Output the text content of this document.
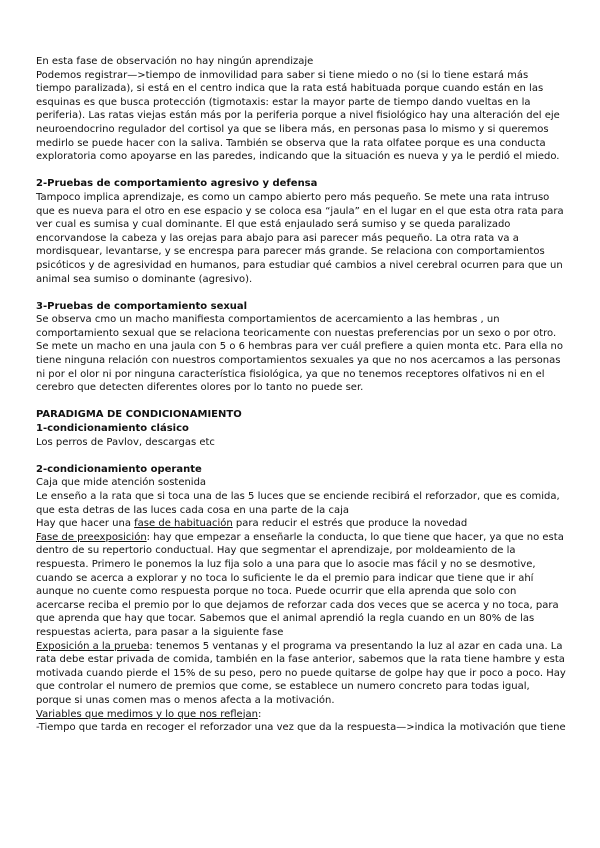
En esta fase de observación no hay ningún aprendizaje

Podemos registrar—>tiempo de inmovilidad para saber si tiene miedo o no (si lo tiene estará más tiempo paralizada), si está en el centro indica que la rata está habituada porque cuando están en las esquinas es que busca protección (tigmotaxis: estar la mayor parte de tiempo dando vueltas en la periferia). Las ratas viejas están más por la periferia porque a nivel fisiológico hay una alteración del eje neuroendocrino regulador del cortisol ya que se libera más, en personas pasa lo mismo y si queremos medirlo se puede hacer con la saliva. También se observa que la rata olfatee porque es una conducta exploratoria como apoyarse en las paredes, indicando que la situación es nueva y ya le perdió el miedo.

2-Pruebas de comportamiento agresivo y defensa

Tampoco implica aprendizaje, es como un campo abierto pero más pequeño. Se mete una rata intruso que es nueva para el otro en ese espacio y se coloca esa “jaula” en el lugar en el que esta otra rata para ver cual es sumisa y cual dominante. El que está enjaulado será sumiso y se queda paralizado encorvandose la cabeza y las orejas para abajo para asi parecer más pequeño. La otra rata va a mordisquear, levantarse, y se encrespa para parecer más grande. Se relaciona con comportamientos psicóticos y de agresividad en humanos, para estudiar qué cambios a nivel cerebral ocurren para que un animal sea sumiso o dominante (agresivo).

3-Pruebas de comportamiento sexual

Se observa cmo un macho manifiesta comportamientos de acercamiento a las hembras , un comportamiento sexual que se relaciona teoricamente con nuestas preferencias por un sexo o por otro. Se mete un macho en una jaula con 5 o 6 hembras para ver cuál prefiere a quien monta etc. Para ella no tiene ninguna relación con nuestros comportamientos sexuales ya que no nos acercamos a las personas ni por el olor ni por ninguna característica fisiológica, ya que no tenemos receptores olfativos ni en el cerebro que detecten diferentes olores por lo tanto no puede ser.

PARADIGMA DE CONDICIONAMIENTO

1-condicionamiento clásico

Los perros de Pavlov, descargas etc

2-condicionamiento operante

Caja que mide atención sostenida

Le enseño a la rata que si toca una de las 5 luces que se enciende recibirá el reforzador, que es comida, que esta detras de las luces cada cosa en una parte de la caja

Hay que hacer una fase de habituación para reducir el estrés que produce la novedad

Fase de preexposición: hay que empezar a enseñarle la conducta, lo que tiene que hacer, ya que no esta dentro de su repertorio conductual. Hay que segmentar el aprendizaje, por moldeamiento de la respuesta. Primero le ponemos la luz fija solo a una para que lo asocie mas fácil y no se desmotive, cuando se acerca a explorar y no toca lo suficiente le da el premio para indicar que tiene que ir ahí aunque no cuente como respuesta porque no toca. Puede ocurrir que ella aprenda que solo con acercarse reciba el premio por lo que dejamos de reforzar cada dos veces que se acerca y no toca, para que aprenda que hay que tocar. Sabemos que el animal aprendió la regla cuando en un 80% de las respuestas acierta, para pasar a la siguiente fase

Exposición a la prueba: tenemos 5 ventanas y el programa va presentando la luz al azar en cada una. La rata debe estar privada de comida, también en la fase anterior, sabemos que la rata tiene hambre y esta motivada cuando pierde el 15% de su peso, pero no puede quitarse de golpe hay que ir poco a poco. Hay que controlar el numero de premios que come, se establece un numero concreto para todas igual, porque si unas comen mas o menos afecta a la motivación.

Variables que medimos y lo que nos reflejan:

-Tiempo que tarda en recoger el reforzador una vez que da la respuesta—>indica la motivación que tiene
